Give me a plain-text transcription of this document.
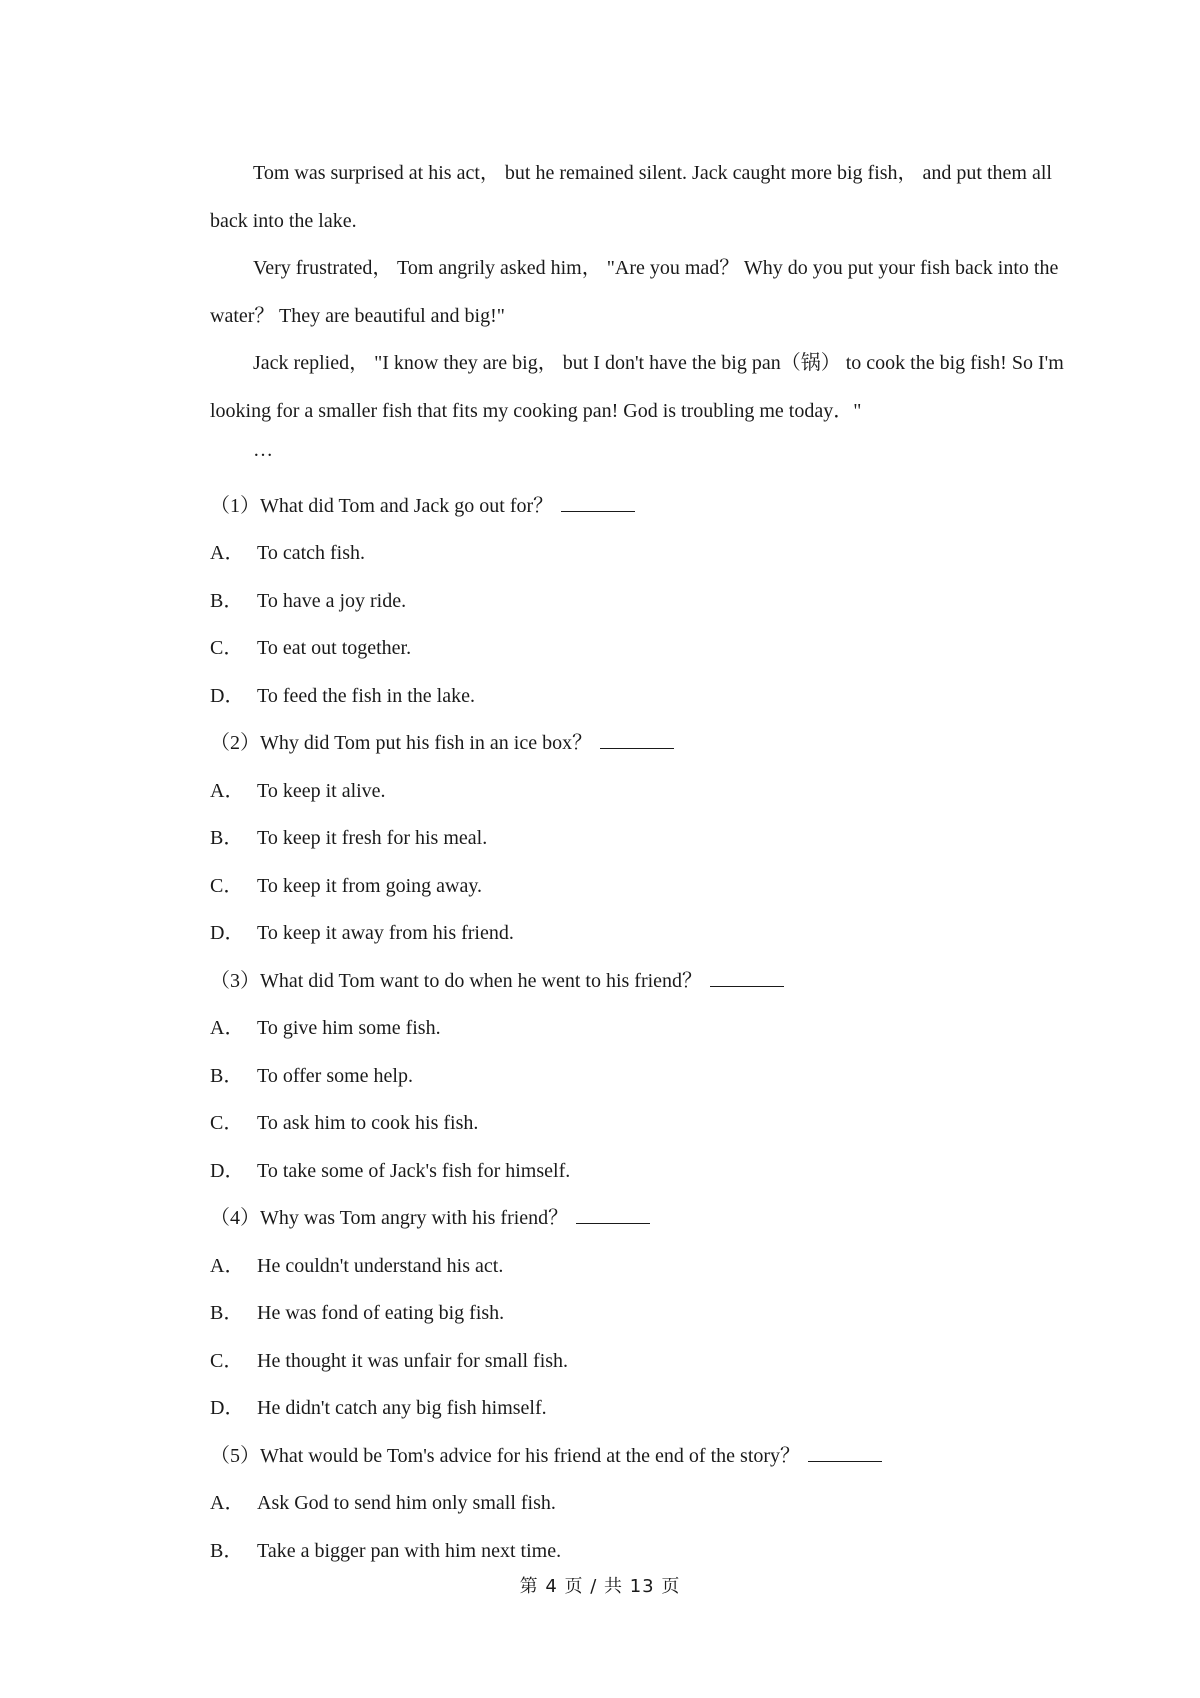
Tom was surprised at his act， but he remained silent. Jack caught more big fish， and put them all back into the lake.

Very frustrated， Tom angrily asked him， "Are you mad？ Why do you put your fish back into the water？ They are beautiful and big!"

Jack replied， "I know they are big， but I don't have the big pan（锅） to cook the big fish! So I'm looking for a smaller fish that fits my cooking pan! God is troubling me today．"

…

（1）What did Tom and Jack go out for？

A． To catch fish.

B． To have a joy ride.

C． To eat out together.

D． To feed the fish in the lake.

（2）Why did Tom put his fish in an ice box？

A． To keep it alive.

B． To keep it fresh for his meal.

C． To keep it from going away.

D． To keep it away from his friend.

（3）What did Tom want to do when he went to his friend？

A． To give him some fish.

B． To offer some help.

C． To ask him to cook his fish.

D． To take some of Jack's fish for himself.

（4）Why was Tom angry with his friend？

A． He couldn't understand his act.

B． He was fond of eating big fish.

C． He thought it was unfair for small fish.

D． He didn't catch any big fish himself.

（5）What would be Tom's advice for his friend at the end of the story？

A． Ask God to send him only small fish.

B． Take a bigger pan with him next time.

第 4 页 / 共 13 页
